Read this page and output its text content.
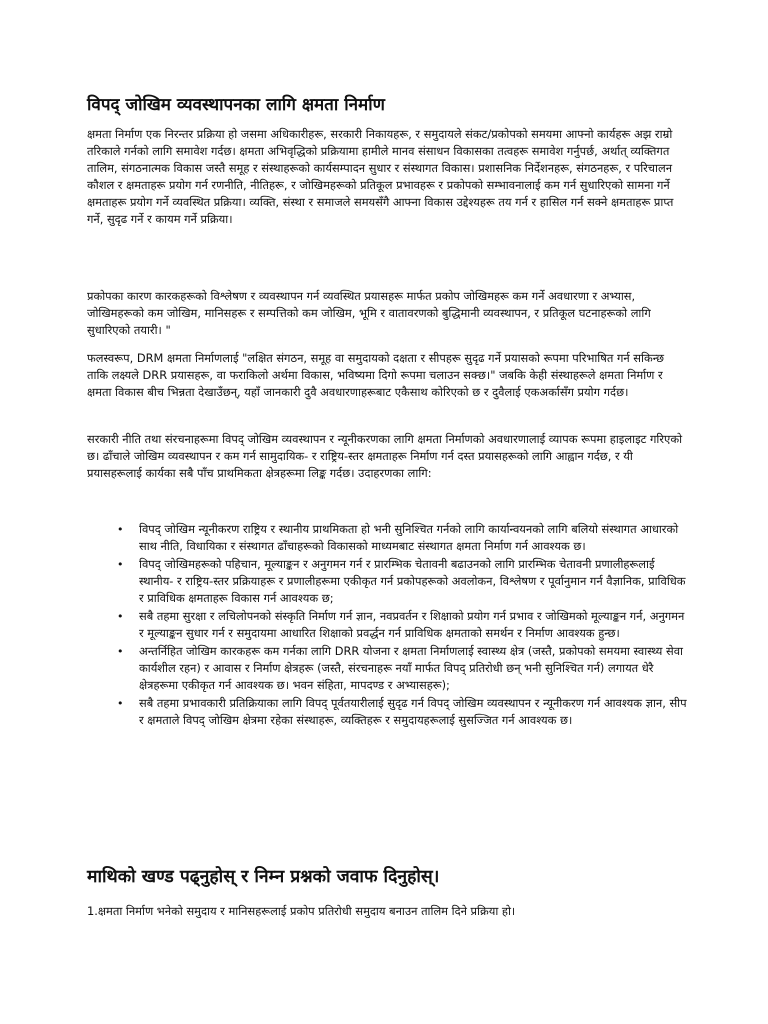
विपद् जोखिम व्यवस्थापनका लागि क्षमता निर्माण

क्षमता निर्माण एक निरन्तर प्रक्रिया हो जसमा अधिकारीहरू, सरकारी निकायहरू, र समुदायले संकट/प्रकोपको समयमा आफ्नो कार्यहरू अझ राम्रो तरिकाले गर्नको लागि समावेश गर्दछ। क्षमता अभिवृद्धिको प्रक्रियामा हामीले मानव संसाधन विकासका तत्वहरू समावेश गर्नुपर्छ, अर्थात् व्यक्तिगत तालिम, संगठनात्मक विकास जस्तै समूह र संस्थाहरूको कार्यसम्पादन सुधार र संस्थागत विकास। प्रशासनिक निर्देशनहरू, संगठनहरू, र परिचालन कौशल र क्षमताहरू प्रयोग गर्न रणनीति, नीतिहरू, र जोखिमहरूको प्रतिकूल प्रभावहरू र प्रकोपको सम्भावनालाई कम गर्न सुधारिएको सामना गर्ने क्षमताहरू प्रयोग गर्ने व्यवस्थित प्रक्रिया। व्यक्ति, संस्था र समाजले समयसँगै आफ्ना विकास उद्देश्यहरू तय गर्न र हासिल गर्न सक्ने क्षमताहरू प्राप्त गर्ने, सुदृढ गर्ने र कायम गर्ने प्रक्रिया।

प्रकोपका कारण कारकहरूको विश्लेषण र व्यवस्थापन गर्न व्यवस्थित प्रयासहरू मार्फत प्रकोप जोखिमहरू कम गर्ने अवधारणा र अभ्यास, जोखिमहरूको कम जोखिम, मानिसहरू र सम्पत्तिको कम जोखिम, भूमि र वातावरणको बुद्धिमानी व्यवस्थापन, र प्रतिकूल घटनाहरूको लागि सुधारिएको तयारी। "

फलस्वरूप, DRM क्षमता निर्माणलाई "लक्षित संगठन, समूह वा समुदायको दक्षता र सीपहरू सुदृढ गर्ने प्रयासको रूपमा परिभाषित गर्न सकिन्छ ताकि लक्ष्यले DRR प्रयासहरू, वा फराकिलो अर्थमा विकास, भविष्यमा दिगो रूपमा चलाउन सक्छ।" जबकि केही संस्थाहरूले क्षमता निर्माण र क्षमता विकास बीच भिन्नता देखाउँछन्, यहाँ जानकारी दुवै अवधारणाहरूबाट एकैसाथ कोरिएको छ र दुवैलाई एकअर्कासँग प्रयोग गर्दछ।

सरकारी नीति तथा संरचनाहरूमा विपद् जोखिम व्यवस्थापन र न्यूनीकरणका लागि क्षमता निर्माणको अवधारणालाई व्यापक रूपमा हाइलाइट गरिएको छ। ढाँचाले जोखिम व्यवस्थापन र कम गर्न सामुदायिक- र राष्ट्रिय-स्तर क्षमताहरू निर्माण गर्न दस्त प्रयासहरूको लागि आह्वान गर्दछ, र यी प्रयासहरूलाई कार्यका सबै पाँच प्राथमिकता क्षेत्रहरूमा लिङ्क गर्दछ। उदाहरणका लागि:

• विपद् जोखिम न्यूनीकरण राष्ट्रिय र स्थानीय प्राथमिकता हो भनी सुनिश्चित गर्नको लागि कार्यान्वयनको लागि बलियो संस्थागत आधारको साथ नीति, विधायिका र संस्थागत ढाँचाहरूको विकासको माध्यमबाट संस्थागत क्षमता निर्माण गर्न आवश्यक छ।
• विपद् जोखिमहरूको पहिचान, मूल्याङ्कन र अनुगमन गर्न र प्रारम्भिक चेतावनी बढाउनको लागि प्रारम्भिक चेतावनी प्रणालीहरूलाई स्थानीय- र राष्ट्रिय-स्तर प्रक्रियाहरू र प्रणालीहरूमा एकीकृत गर्न प्रकोपहरूको अवलोकन, विश्लेषण र पूर्वानुमान गर्न वैज्ञानिक, प्राविधिक र प्राविधिक क्षमताहरू विकास गर्न आवश्यक छ;
• सबै तहमा सुरक्षा र लचिलोपनको संस्कृति निर्माण गर्न ज्ञान, नवप्रवर्तन र शिक्षाको प्रयोग गर्न प्रभाव र जोखिमको मूल्याङ्कन गर्न, अनुगमन र मूल्याङ्कन सुधार गर्न र समुदायमा आधारित शिक्षाको प्रवर्द्धन गर्न प्राविधिक क्षमताको समर्थन र निर्माण आवश्यक हुन्छ।
• अन्तर्निहित जोखिम कारकहरू कम गर्नका लागि DRR योजना र क्षमता निर्माणलाई स्वास्थ्य क्षेत्र (जस्तै, प्रकोपको समयमा स्वास्थ्य सेवा कार्यशील रहन) र आवास र निर्माण क्षेत्रहरू (जस्तै, संरचनाहरू नयाँ मार्फत विपद् प्रतिरोधी छन् भनी सुनिश्चित गर्न) लगायत धेरै क्षेत्रहरूमा एकीकृत गर्न आवश्यक छ। भवन संहिता, मापदण्ड र अभ्यासहरू);
• सबै तहमा प्रभावकारी प्रतिक्रियाका लागि विपद् पूर्वतयारीलाई सुदृढ गर्न विपद् जोखिम व्यवस्थापन र न्यूनीकरण गर्न आवश्यक ज्ञान, सीप र क्षमताले विपद् जोखिम क्षेत्रमा रहेका संस्थाहरू, व्यक्तिहरू र समुदायहरूलाई सुसज्जित गर्न आवश्यक छ।
माथिको खण्ड पढ्नुहोस् र निम्न प्रश्नको जवाफ दिनुहोस्।

1.क्षमता निर्माण भनेको समुदाय र मानिसहरूलाई प्रकोप प्रतिरोधी समुदाय बनाउन तालिम दिने प्रक्रिया हो।
